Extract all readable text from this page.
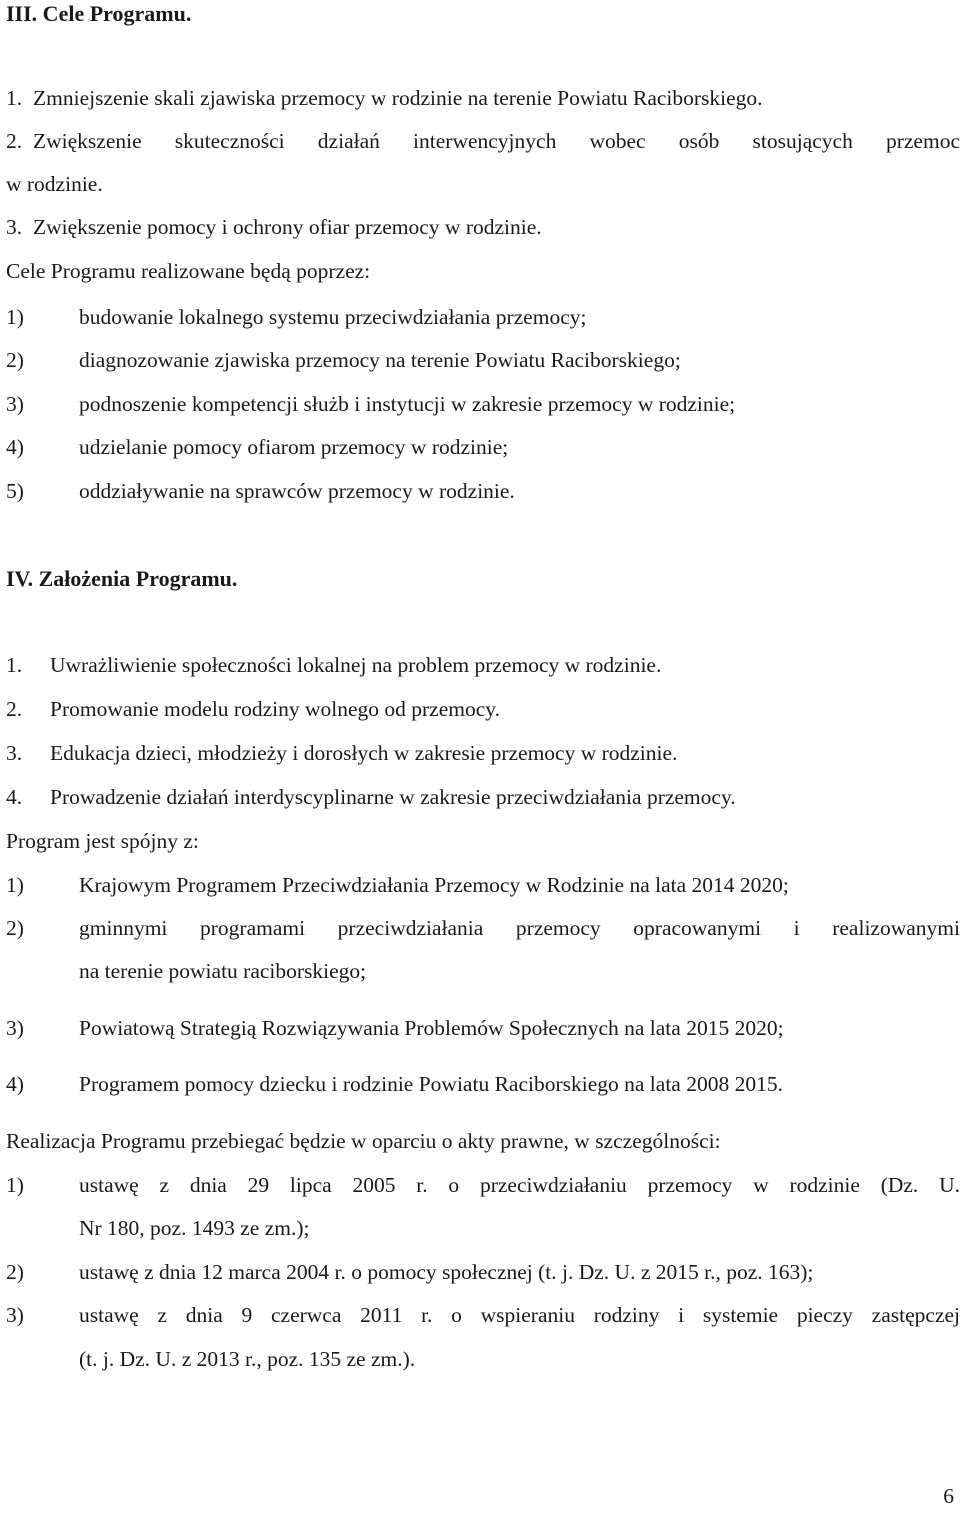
III. Cele Programu.
1. Zmniejszenie skali zjawiska przemocy w rodzinie na terenie Powiatu Raciborskiego.
2. Zwiększenie skuteczności działań interwencyjnych wobec osób stosujących przemoc
w rodzinie.
3. Zwiększenie pomocy i ochrony ofiar przemocy w rodzinie.
Cele Programu realizowane będą poprzez:
1)	budowanie lokalnego systemu przeciwdziałania przemocy;
2)	diagnozowanie zjawiska przemocy na terenie Powiatu Raciborskiego;
3)	podnoszenie kompetencji służb i instytucji w zakresie przemocy w rodzinie;
4)	udzielanie pomocy ofiarom przemocy w rodzinie;
5)	oddziaływanie na sprawców przemocy w rodzinie.
IV. Założenia Programu.
1. Uwrażliwienie społeczności lokalnej na problem przemocy w rodzinie.
2. Promowanie modelu rodziny wolnego od przemocy.
3. Edukacja dzieci, młodzieży i dorosłych w zakresie przemocy w rodzinie.
4. Prowadzenie działań interdyscyplinarne w zakresie przeciwdziałania przemocy.
Program jest spójny z:
1)	Krajowym Programem Przeciwdziałania Przemocy w Rodzinie na lata 2014 2020;
2)	gminnymi programami przeciwdziałania przemocy opracowanymi i realizowanymi
na terenie powiatu raciborskiego;
3)	Powiatową Strategią Rozwiązywania Problemów Społecznych na lata 2015 2020;
4)	Programem pomocy dziecku i rodzinie Powiatu Raciborskiego na lata 2008 2015.
Realizacja Programu przebiegać będzie w oparciu o akty prawne, w szczególności:
1)	ustawę z dnia 29 lipca 2005 r. o przeciwdziałaniu przemocy w rodzinie (Dz. U.
Nr 180, poz. 1493 ze zm.);
2)	ustawę z dnia 12 marca 2004 r. o pomocy społecznej (t. j. Dz. U. z 2015 r., poz. 163);
3)	ustawę z dnia 9 czerwca 2011 r. o wspieraniu rodziny i systemie pieczy zastępczej
(t. j. Dz. U. z 2013 r., poz. 135 ze zm.).
6
